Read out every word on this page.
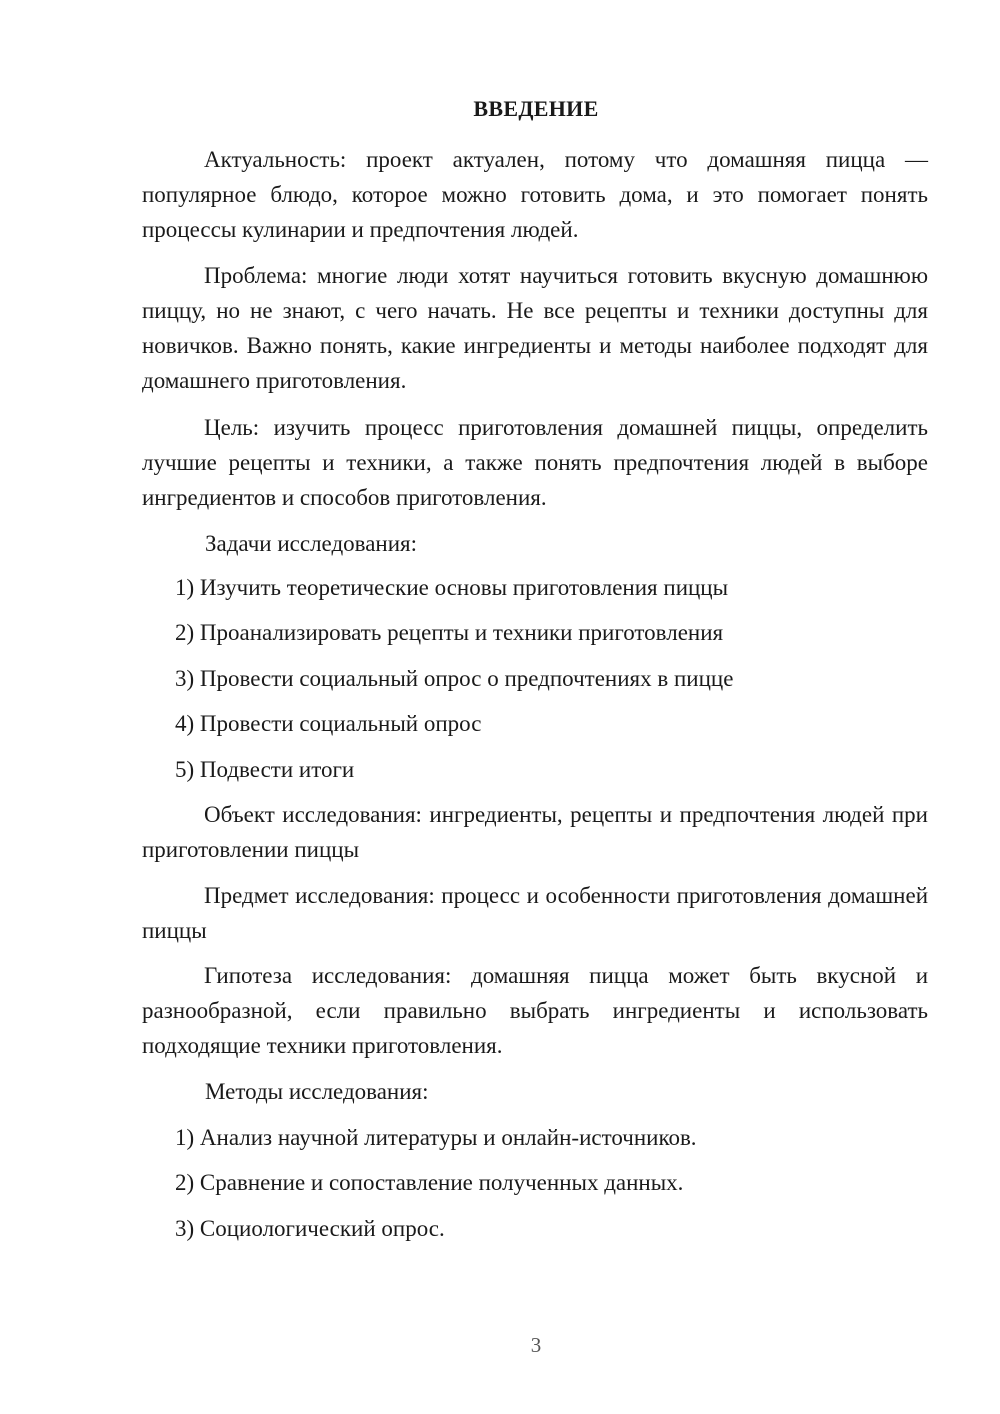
ВВЕДЕНИЕ

Актуальность: проект актуален, потому что домашняя пицца — популярное блюдо, которое можно готовить дома, и это помогает понять процессы кулинарии и предпочтения людей.

Проблема: многие люди хотят научиться готовить вкусную домашнюю пиццу, но не знают, с чего начать. Не все рецепты и техники доступны для новичков. Важно понять, какие ингредиенты и методы наиболее подходят для домашнего приготовления.

Цель: изучить процесс приготовления домашней пиццы, определить лучшие рецепты и техники, а также понять предпочтения людей в выборе ингредиентов и способов приготовления.

Задачи исследования:

1) Изучить теоретические основы приготовления пиццы

2) Проанализировать рецепты и техники приготовления

3) Провести социальный опрос о предпочтениях в пицце

4) Провести социальный опрос

5) Подвести итоги

Объект исследования: ингредиенты, рецепты и предпочтения людей при приготовлении пиццы

Предмет исследования: процесс и особенности приготовления домашней пиццы

Гипотеза исследования: домашняя пицца может быть вкусной и разнообразной, если правильно выбрать ингредиенты и использовать подходящие техники приготовления.

Методы исследования:

1) Анализ научной литературы и онлайн-источников.

2) Сравнение и сопоставление полученных данных.

3) Социологический опрос.

3
